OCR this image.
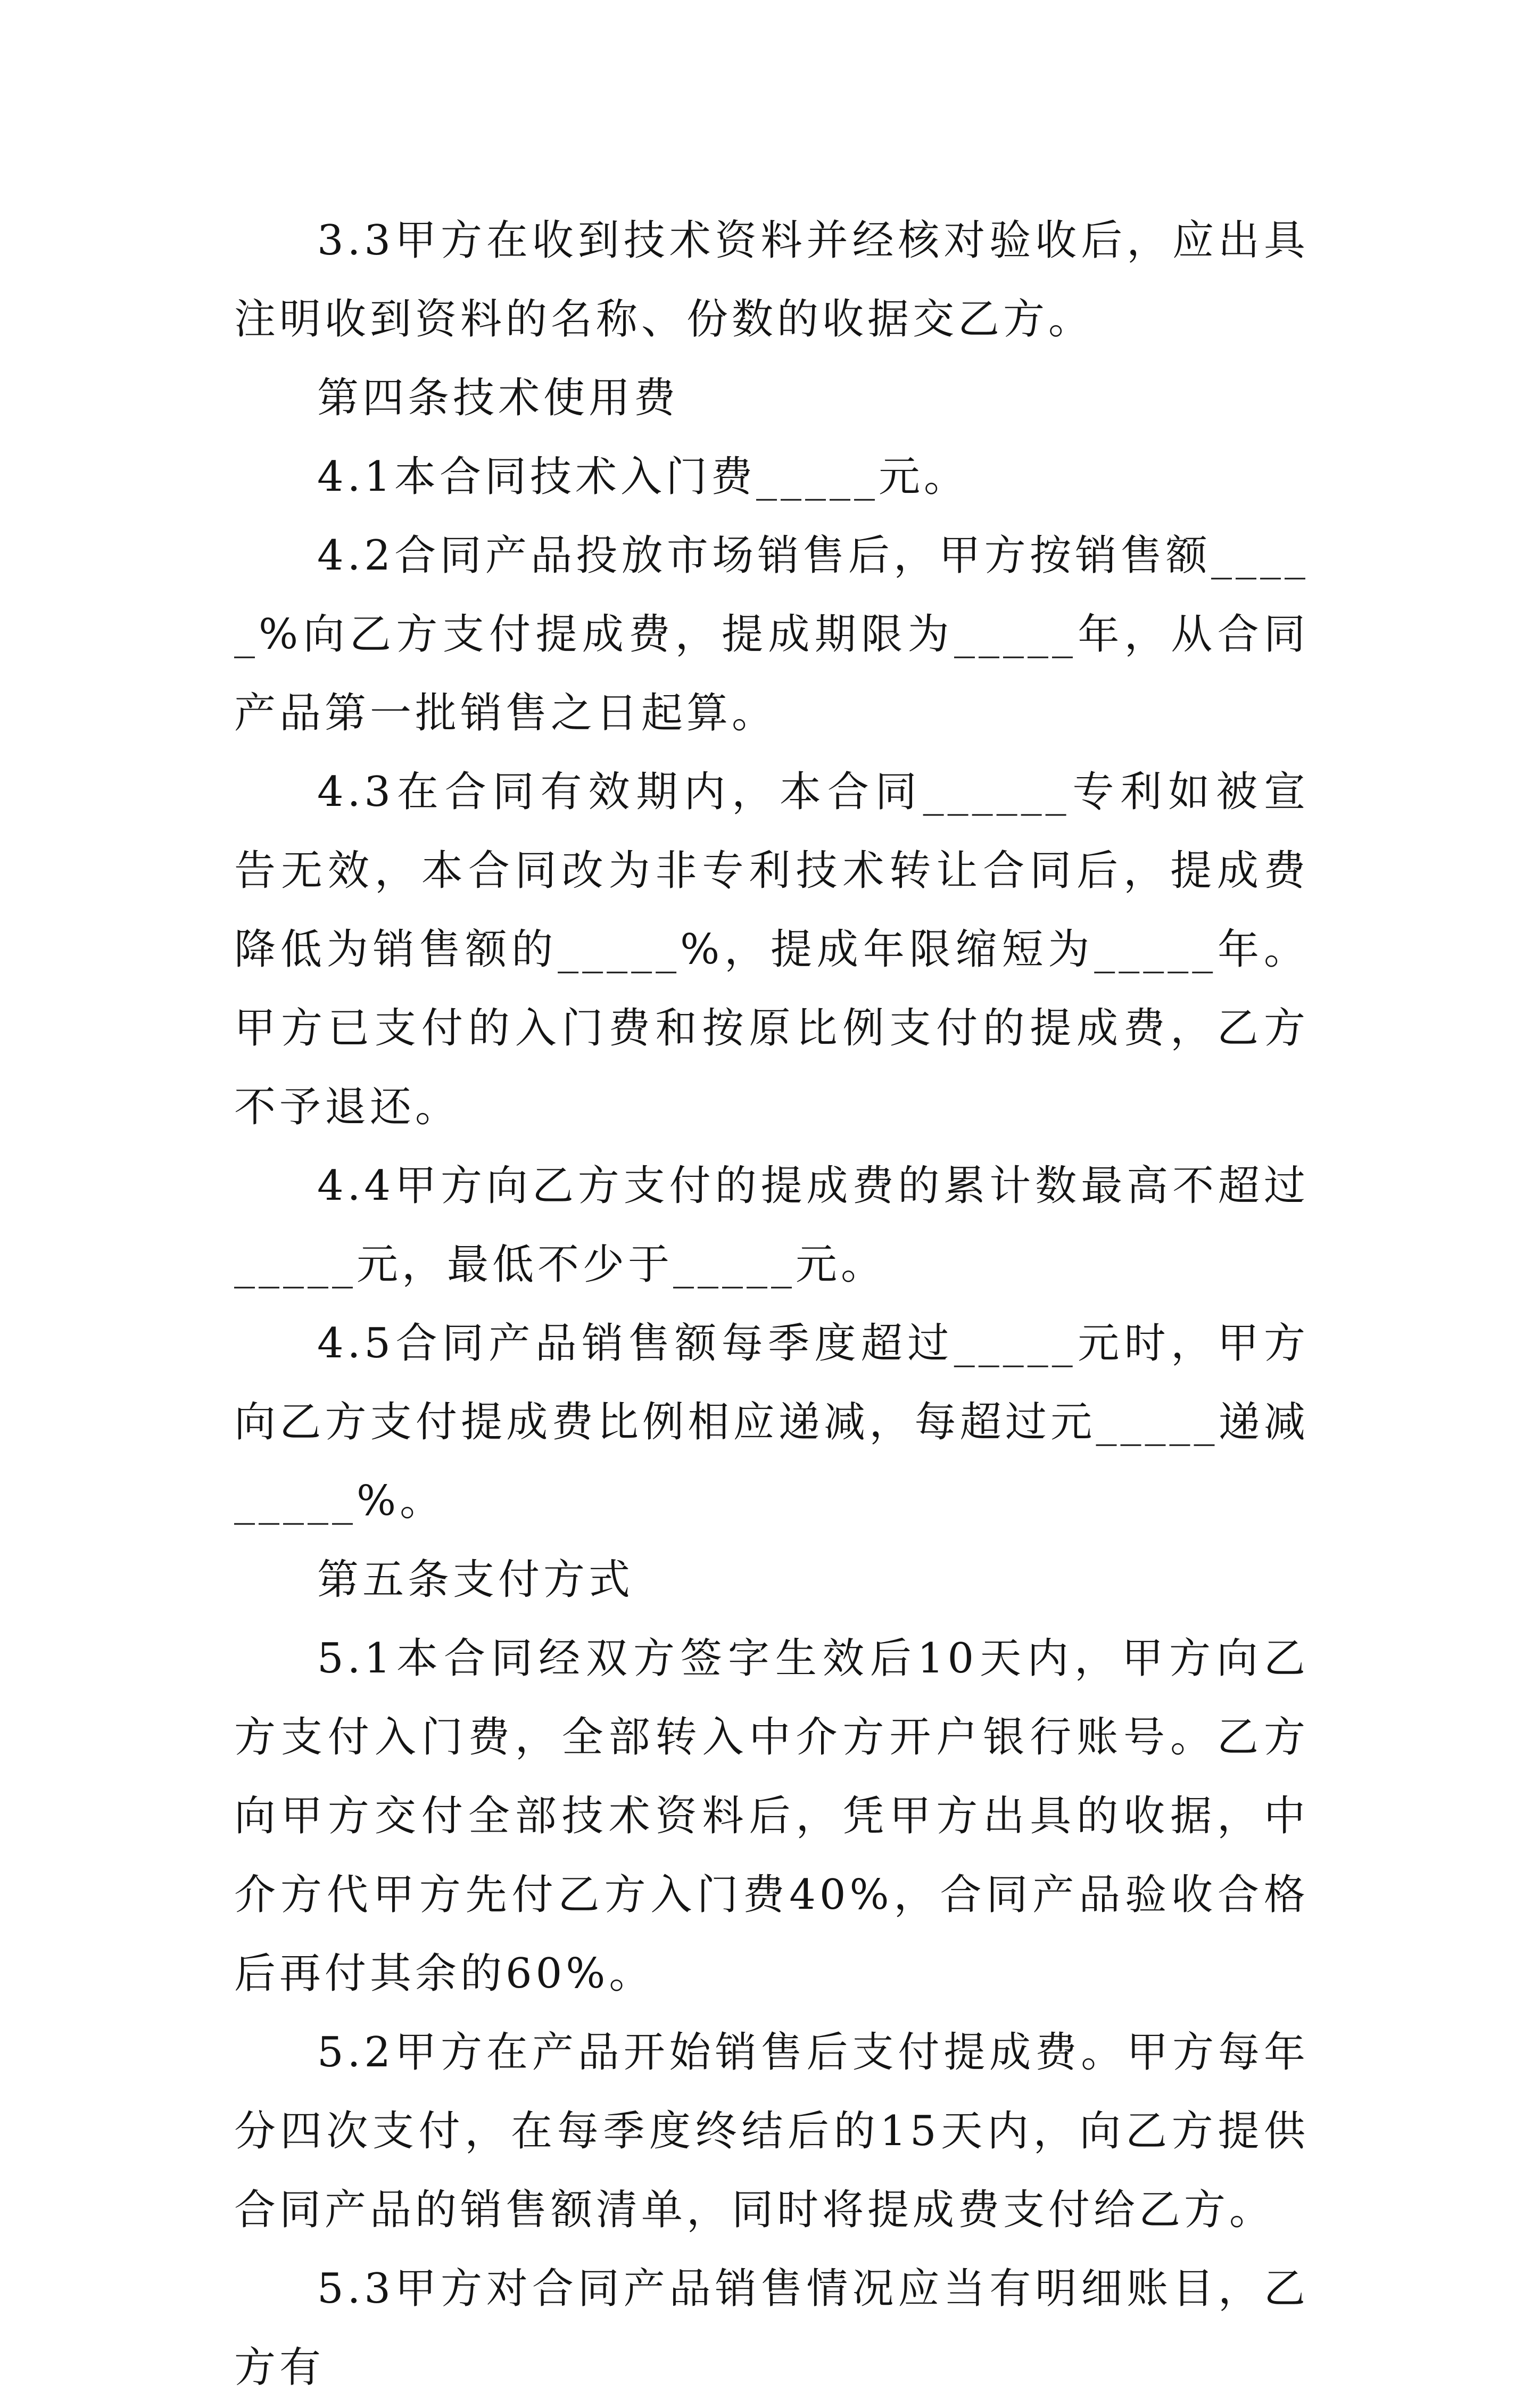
3.3甲方在收到技术资料并经核对验收后，应出具注明收到资料的名称、份数的收据交乙方。

第四条技术使用费

4.1本合同技术入门费_____元。

4.2合同产品投放市场销售后，甲方按销售额_____%向乙方支付提成费，提成期限为_____年，从合同产品第一批销售之日起算。

4.3在合同有效期内，本合同______专利如被宣告无效，本合同改为非专利技术转让合同后，提成费降低为销售额的_____%，提成年限缩短为_____年。甲方已支付的入门费和按原比例支付的提成费，乙方不予退还。

4.4甲方向乙方支付的提成费的累计数最高不超过_____元，最低不少于_____元。

4.5合同产品销售额每季度超过_____元时，甲方向乙方支付提成费比例相应递减，每超过元_____递减_____%。

第五条支付方式

5.1本合同经双方签字生效后10天内，甲方向乙方支付入门费，全部转入中介方开户银行账号。乙方向甲方交付全部技术资料后，凭甲方出具的收据，中介方代甲方先付乙方入门费40%，合同产品验收合格后再付其余的60%。

5.2甲方在产品开始销售后支付提成费。甲方每年分四次支付，在每季度终结后的15天内，向乙方提供合同产品的销售额清单，同时将提成费支付给乙方。

5.3甲方对合同产品销售情况应当有明细账目，乙方有
